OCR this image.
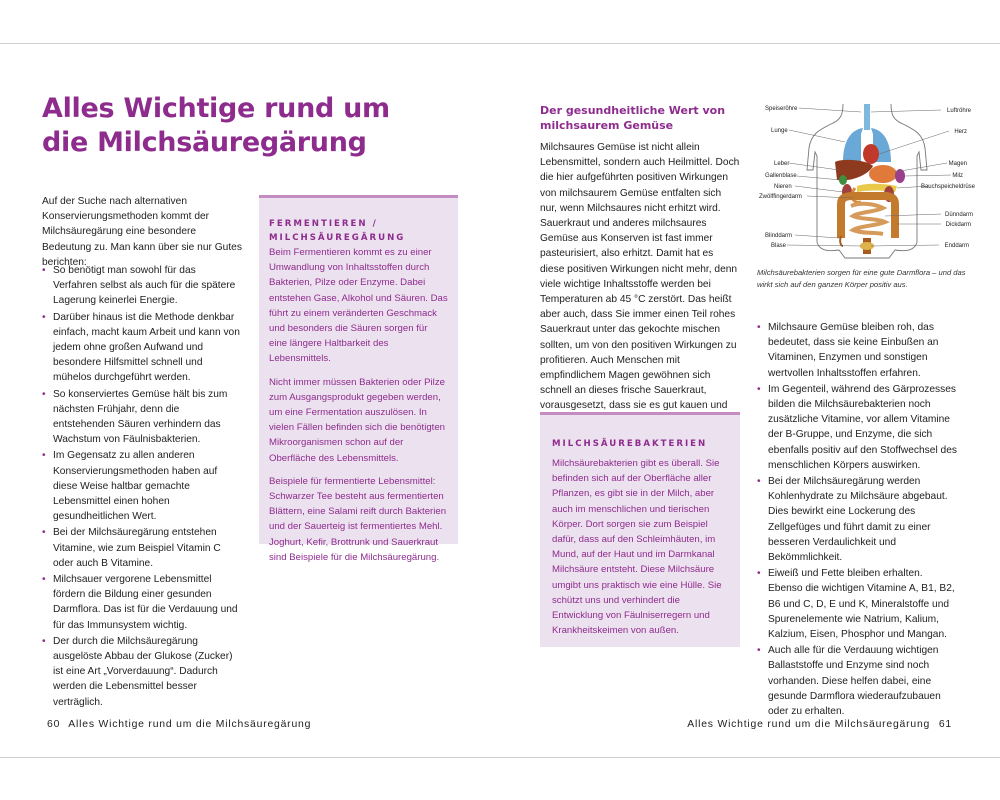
Alles Wichtige rund um die Milchsäuregärung

Auf der Suche nach alternativen Konservierungsmethoden kommt der Milchsäuregärung eine besondere Bedeutung zu. Man kann über sie nur Gutes berichten:

• So benötigt man sowohl für das Verfahren selbst als auch für die spätere Lagerung keinerlei Energie.
• Darüber hinaus ist die Methode denkbar einfach, macht kaum Arbeit und kann von jedem ohne großen Aufwand und besondere Hilfsmittel schnell und mühelos durchgeführt werden.
• So konserviertes Gemüse hält bis zum nächsten Frühjahr, denn die entstehenden Säuren verhindern das Wachstum von Fäulnisbakterien.
• Im Gegensatz zu allen anderen Konservierungsmethoden haben auf diese Weise haltbar gemachte Lebensmittel einen hohen gesundheitlichen Wert.
• Bei der Milchsäuregärung entstehen Vitamine, wie zum Beispiel Vitamin C oder auch B Vitamine.
• Milchsauer vergorene Lebensmittel fördern die Bildung einer gesunden Darmflora. Das ist für die Verdauung und für das Immunsystem wichtig.
• Der durch die Milchsäuregärung ausgelöste Abbau der Glukose (Zucker) ist eine Art „Vorverdauung“. Dadurch werden die Lebensmittel besser verträglich.
FERMENTIEREN / MILCHSÄUREGÄRUNG

Beim Fermentieren kommt es zu einer Umwandlung von Inhaltsstoffen durch Bakterien, Pilze oder Enzyme. Dabei entstehen Gase, Alkohol und Säuren. Das führt zu einem veränderten Geschmack und besonders die Säuren sorgen für eine längere Haltbarkeit des Lebensmittels.

Nicht immer müssen Bakterien oder Pilze zum Ausgangsprodukt gegeben werden, um eine Fermentation auszulösen. In vielen Fällen befinden sich die benötigten Mikroorganismen schon auf der Oberfläche des Lebensmittels.

Beispiele für fermentierte Lebensmittel: Schwarzer Tee besteht aus fermentierten Blättern, eine Salami reift durch Bakterien und der Sauerteig ist fermentiertes Mehl. Joghurt, Kefir, Brottrunk und Sauerkraut sind Beispiele für die Milchsäuregärung.

60 Alles Wichtige rund um die Milchsäuregärung

Der gesundheitliche Wert von milchsaurem Gemüse

Milchsaures Gemüse ist nicht allein Lebensmittel, sondern auch Heilmittel. Doch die hier aufgeführten positiven Wirkungen von milchsaurem Gemüse entfalten sich nur, wenn Milchsaures nicht erhitzt wird. Sauerkraut und anderes milchsaures Gemüse aus Konserven ist fast immer pasteurisiert, also erhitzt. Damit hat es diese positiven Wirkungen nicht mehr, denn viele wichtige Inhaltsstoffe werden bei Temperaturen ab 45 °C zerstört. Das heißt aber auch, dass Sie immer einen Teil rohes Sauerkraut unter das gekochte mischen sollten, um von den positiven Wirkungen zu profitieren. Auch Menschen mit empfindlichem Magen gewöhnen sich schnell an dieses frische Sauerkraut, vorausgesetzt, dass sie es gut kauen und

MILCHSÄUREBAKTERIEN

Milchsäurebakterien gibt es überall. Sie befinden sich auf der Oberfläche aller Pflanzen, es gibt sie in der Milch, aber auch im menschlichen und tierischen Körper. Dort sorgen sie zum Beispiel dafür, dass auf den Schleimhäuten, im Mund, auf der Haut und im Darmkanal Milchsäure entsteht. Diese Milchsäure umgibt uns praktisch wie eine Hülle. Sie schützt uns und verhindert die Entwicklung von Fäulniserregern und Krankheitskeimen von außen.

Speiseröhre
Lunge
Leber
Gallenblase
Nieren
Zwölffingerdarm
Blinddarm
Blase
Luftröhre
Herz
Magen
Milz
Bauchspeicheldrüse
Dünndarm
Dickdarm
Enddarm

Milchsäurebakterien sorgen für eine gute Darmflora – und das wirkt sich auf den ganzen Körper positiv aus.

• Milchsaure Gemüse bleiben roh, das bedeutet, dass sie keine Einbußen an Vitaminen, Enzymen und sonstigen wertvollen Inhaltsstoffen erfahren.
• Im Gegenteil, während des Gärprozesses bilden die Milchsäurebakterien noch zusätzliche Vitamine, vor allem Vitamine der B-Gruppe, und Enzyme, die sich ebenfalls positiv auf den Stoffwechsel des menschlichen Körpers auswirken.
• Bei der Milchsäuregärung werden Kohlenhydrate zu Milchsäure abgebaut. Dies bewirkt eine Lockerung des Zellgefüges und führt damit zu einer besseren Verdaulichkeit und Bekömmlichkeit.
• Eiweiß und Fette bleiben erhalten. Ebenso die wichtigen Vitamine A, B1, B2, B6 und C, D, E und K, Mineralstoffe und Spurenelemente wie Natrium, Kalium, Kalzium, Eisen, Phosphor und Mangan.
• Auch alle für die Verdauung wichtigen Ballaststoffe und Enzyme sind noch vorhanden. Diese helfen dabei, eine gesunde Darmflora wiederaufzubauen oder zu erhalten.

Alles Wichtige rund um die Milchsäuregärung 61
